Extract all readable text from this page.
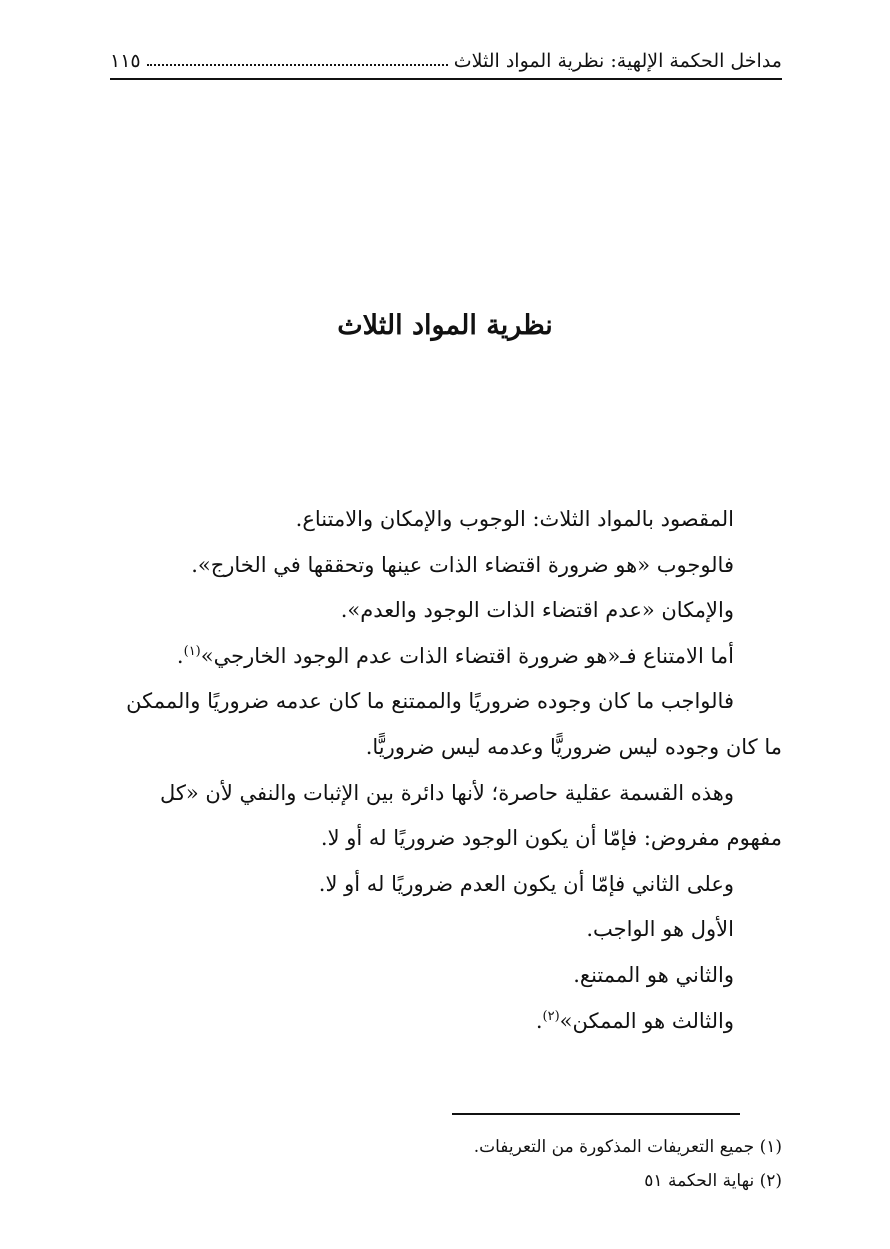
مداخل الحكمة الإلهية: نظرية المواد الثلاث
١١٥
نظرية المواد الثلاث

المقصود بالمواد الثلاث: الوجوب والإمكان والامتناع.

فالوجوب «هو ضرورة اقتضاء الذات عينها وتحققها في الخارج».

والإمكان «عدم اقتضاء الذات الوجود والعدم».

أما الامتناع فـ«هو ضرورة اقتضاء الذات عدم الوجود الخارجي»$^{(١)}$.

فالواجب ما كان وجوده ضروريًا والممتنع ما كان عدمه ضروريًا والممكن

ما كان وجوده ليس ضروريًّا وعدمه ليس ضروريًّا.

وهذه القسمة عقلية حاصرة؛ لأنها دائرة بين الإثبات والنفي لأن «كل

مفهوم مفروض: فإمّا أن يكون الوجود ضروريًا له أو لا.

وعلى الثاني فإمّا أن يكون العدم ضروريًا له أو لا.

الأول هو الواجب.

والثاني هو الممتنع.

والثالث هو الممكن»$^{(٢)}$.

(١) جميع التعريفات المذكورة من التعريفات.

(٢) نهاية الحكمة ٥١
